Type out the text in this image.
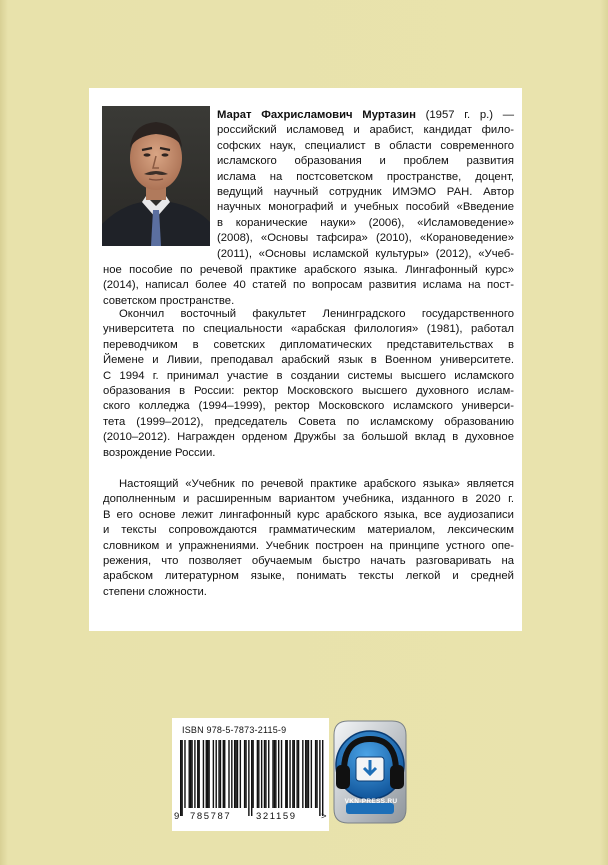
Марат Фахрисламович Муртазин (1957 г. р.) —
российский исламовед и арабист, кандидат фило-
софских наук, специалист в области современного
исламского образования и проблем развития
ислама на постсоветском пространстве, доцент,
ведущий научный сотрудник ИМЭМО РАН. Автор
научных монографий и учебных пособий «Введение
в коранические науки» (2006), «Исламоведение»
(2008), «Основы тафсира» (2010), «Корановедение»
(2011), «Основы исламской культуры» (2012), «Учеб-
ное пособие по речевой практике арабского языка. Лингафонный курс»
(2014), написал более 40 статей по вопросам развития ислама на пост-
советском пространстве.
Окончил восточный факультет Ленинградского государственного
университета по специальности «арабская филология» (1981), работал
переводчиком в советских дипломатических представительствах в
Йемене и Ливии, преподавал арабский язык в Военном университете.
С 1994 г. принимал участие в создании системы высшего исламского
образования в России: ректор Московского высшего духовного ислам-
ского колледжа (1994–1999), ректор Московского исламского универси-
тета (1999–2012), председатель Совета по исламскому образованию
(2010–2012). Награжден орденом Дружбы за большой вклад в духовное
возрождение России.
Настоящий «Учебник по речевой практике арабского языка» является
дополненным и расширенным вариантом учебника, изданного в 2020 г.
В его основе лежит лингафонный курс арабского языка, все аудиозаписи
и тексты сопровождаются грамматическим материалом, лексическим
словником и упражнениями. Учебник построен на принципе устного опе-
режения, что позволяет обучаемым быстро начать разговаривать на
арабском литературном языке, понимать тексты легкой и средней
степени сложности.
ISBN 978-5-7873-2115-9
9 785787	321159	>
VKN-PRESS.RU
